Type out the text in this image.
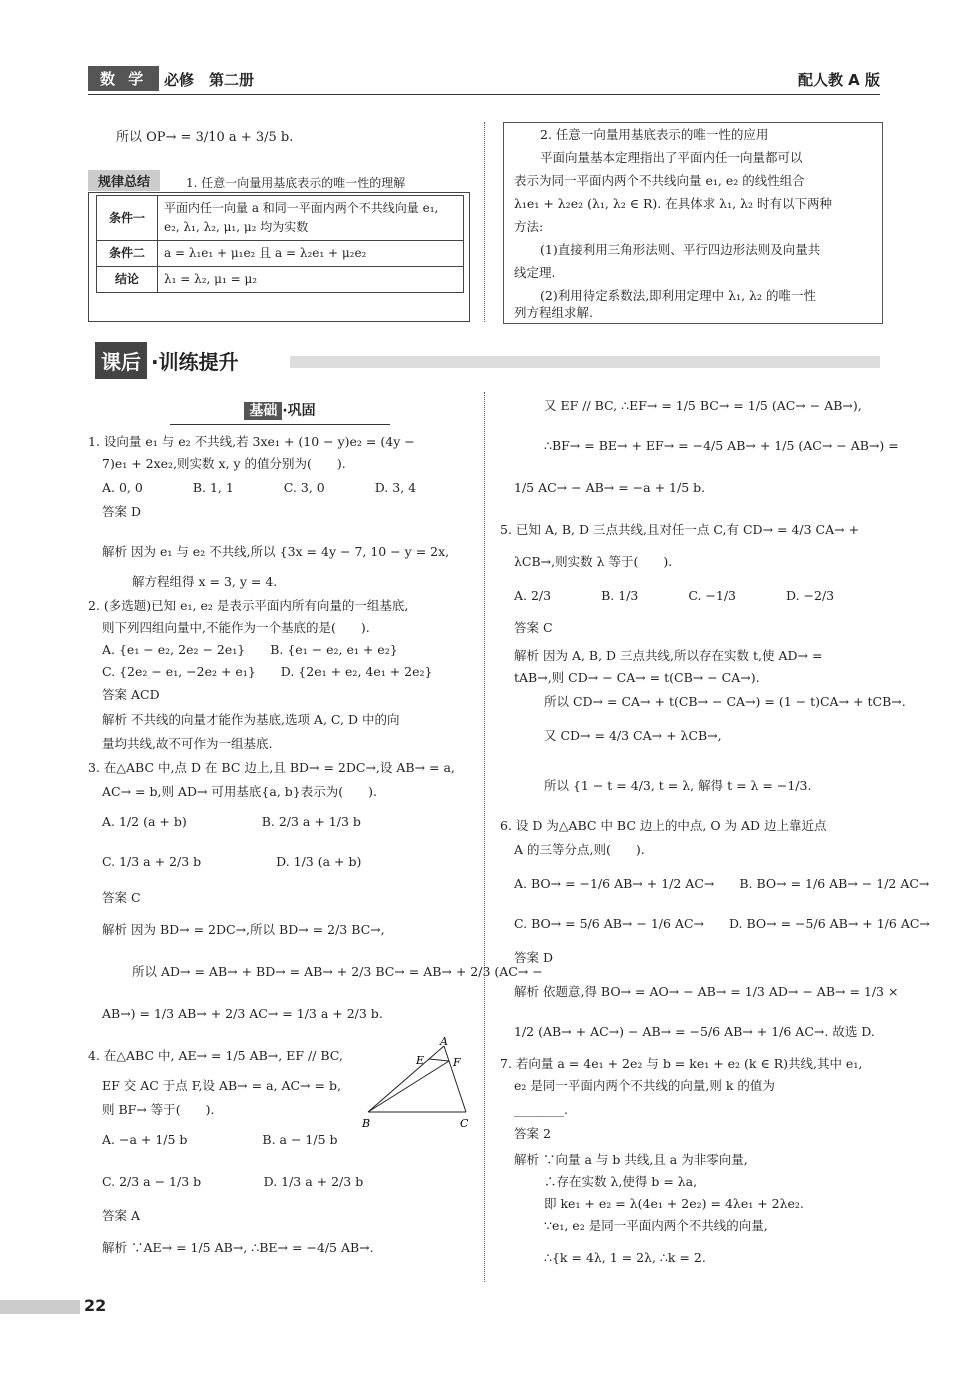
数 学	必修　第二册	配人教 A 版
所以 OP→ = 3/10 a + 3/5 b.
规律总结	1. 任意一向量用基底表示的唯一性的理解
条件一	平面内任一向量 a 和同一平面内两个不共线向量 e₁, e₂, λ₁, λ₂, μ₁, μ₂ 均为实数
条件二	a = λ₁e₁ + μ₁e₂ 且 a = λ₂e₁ + μ₂e₂
结论	λ₁ = λ₂, μ₁ = μ₂
2. 任意一向量用基底表示的唯一性的应用
平面向量基本定理指出了平面内任一向量都可以
表示为同一平面内两个不共线向量 e₁, e₂ 的线性组合
λ₁e₁ + λ₂e₂ (λ₁, λ₂ ∈ R). 在具体求 λ₁, λ₂ 时有以下两种
方法:
(1)直接利用三角形法则、平行四边形法则及向量共
线定理.
(2)利用待定系数法,即利用定理中 λ₁, λ₂ 的唯一性
列方程组求解.
课后 ·训练提升
基础 ·巩固
1. 设向量 e₁ 与 e₂ 不共线,若 3xe₁ + (10 − y)e₂ = (4y −
7)e₁ + 2xe₂,则实数 x, y 的值分别为(　　).
A. 0, 0　　　　B. 1, 1　　　　C. 3, 0　　　　D. 3, 4
答案 D
解析 因为 e₁ 与 e₂ 不共线,所以 {3x = 4y − 7, 10 − y = 2x,
解方程组得 x = 3, y = 4.
2. (多选题)已知 e₁, e₂ 是表示平面内所有向量的一组基底,
则下列四组向量中,不能作为一个基底的是(　　).
A. {e₁ − e₂, 2e₂ − 2e₁}　　B. {e₁ − e₂, e₁ + e₂}
C. {2e₂ − e₁, −2e₂ + e₁}　　D. {2e₁ + e₂, 4e₁ + 2e₂}
答案 ACD
解析 不共线的向量才能作为基底,选项 A, C, D 中的向
量均共线,故不可作为一组基底.
3. 在△ABC 中,点 D 在 BC 边上,且 BD→ = 2DC→,设 AB→ = a,
AC→ = b,则 AD→ 可用基底{a, b}表示为(　　).
A. 1/2 (a + b)　　　　　　B. 2/3 a + 1/3 b
C. 1/3 a + 2/3 b　　　　　　D. 1/3 (a + b)
答案 C
解析 因为 BD→ = 2DC→,所以 BD→ = 2/3 BC→,
所以 AD→ = AB→ + BD→ = AB→ + 2/3 BC→ = AB→ + 2/3 (AC→ −
AB→) = 1/3 AB→ + 2/3 AC→ = 1/3 a + 2/3 b.
4. 在△ABC 中, AE→ = 1/5 AB→, EF // BC,
EF 交 AC 于点 F,设 AB→ = a, AC→ = b,
则 BF→ 等于(　　).
A. −a + 1/5 b　　　　　　B. a − 1/5 b
C. 2/3 a − 1/3 b　　　　　D. 1/3 a + 2/3 b
答案 A
解析 ∵AE→ = 1/5 AB→, ∴BE→ = −4/5 AB→.
A
E	F
B	C
又 EF // BC, ∴EF→ = 1/5 BC→ = 1/5 (AC→ − AB→),
∴BF→ = BE→ + EF→ = −4/5 AB→ + 1/5 (AC→ − AB→) =
1/5 AC→ − AB→ = −a + 1/5 b.
5. 已知 A, B, D 三点共线,且对任一点 C,有 CD→ = 4/3 CA→ +
λCB→,则实数 λ 等于(　　).
A. 2/3　　　　B. 1/3　　　　C. −1/3　　　　D. −2/3
答案 C
解析 因为 A, B, D 三点共线,所以存在实数 t,使 AD→ =
tAB→,则 CD→ − CA→ = t(CB→ − CA→).
所以 CD→ = CA→ + t(CB→ − CA→) = (1 − t)CA→ + tCB→.
又 CD→ = 4/3 CA→ + λCB→,
所以 {1 − t = 4/3, t = λ, 解得 t = λ = −1/3.
6. 设 D 为△ABC 中 BC 边上的中点, O 为 AD 边上靠近点
A 的三等分点,则(　　).
A. BO→ = −1/6 AB→ + 1/2 AC→　　B. BO→ = 1/6 AB→ − 1/2 AC→
C. BO→ = 5/6 AB→ − 1/6 AC→　　D. BO→ = −5/6 AB→ + 1/6 AC→
答案 D
解析 依题意,得 BO→ = AO→ − AB→ = 1/3 AD→ − AB→ = 1/3 ×
1/2 (AB→ + AC→) − AB→ = −5/6 AB→ + 1/6 AC→. 故选 D.
7. 若向量 a = 4e₁ + 2e₂ 与 b = ke₁ + e₂ (k ∈ R)共线,其中 e₁,
e₂ 是同一平面内两个不共线的向量,则 k 的值为
________.
答案 2
解析 ∵向量 a 与 b 共线,且 a 为非零向量,
∴存在实数 λ,使得 b = λa,
即 ke₁ + e₂ = λ(4e₁ + 2e₂) = 4λe₁ + 2λe₂.
∵e₁, e₂ 是同一平面内两个不共线的向量,
∴{k = 4λ, 1 = 2λ, ∴k = 2.
22
